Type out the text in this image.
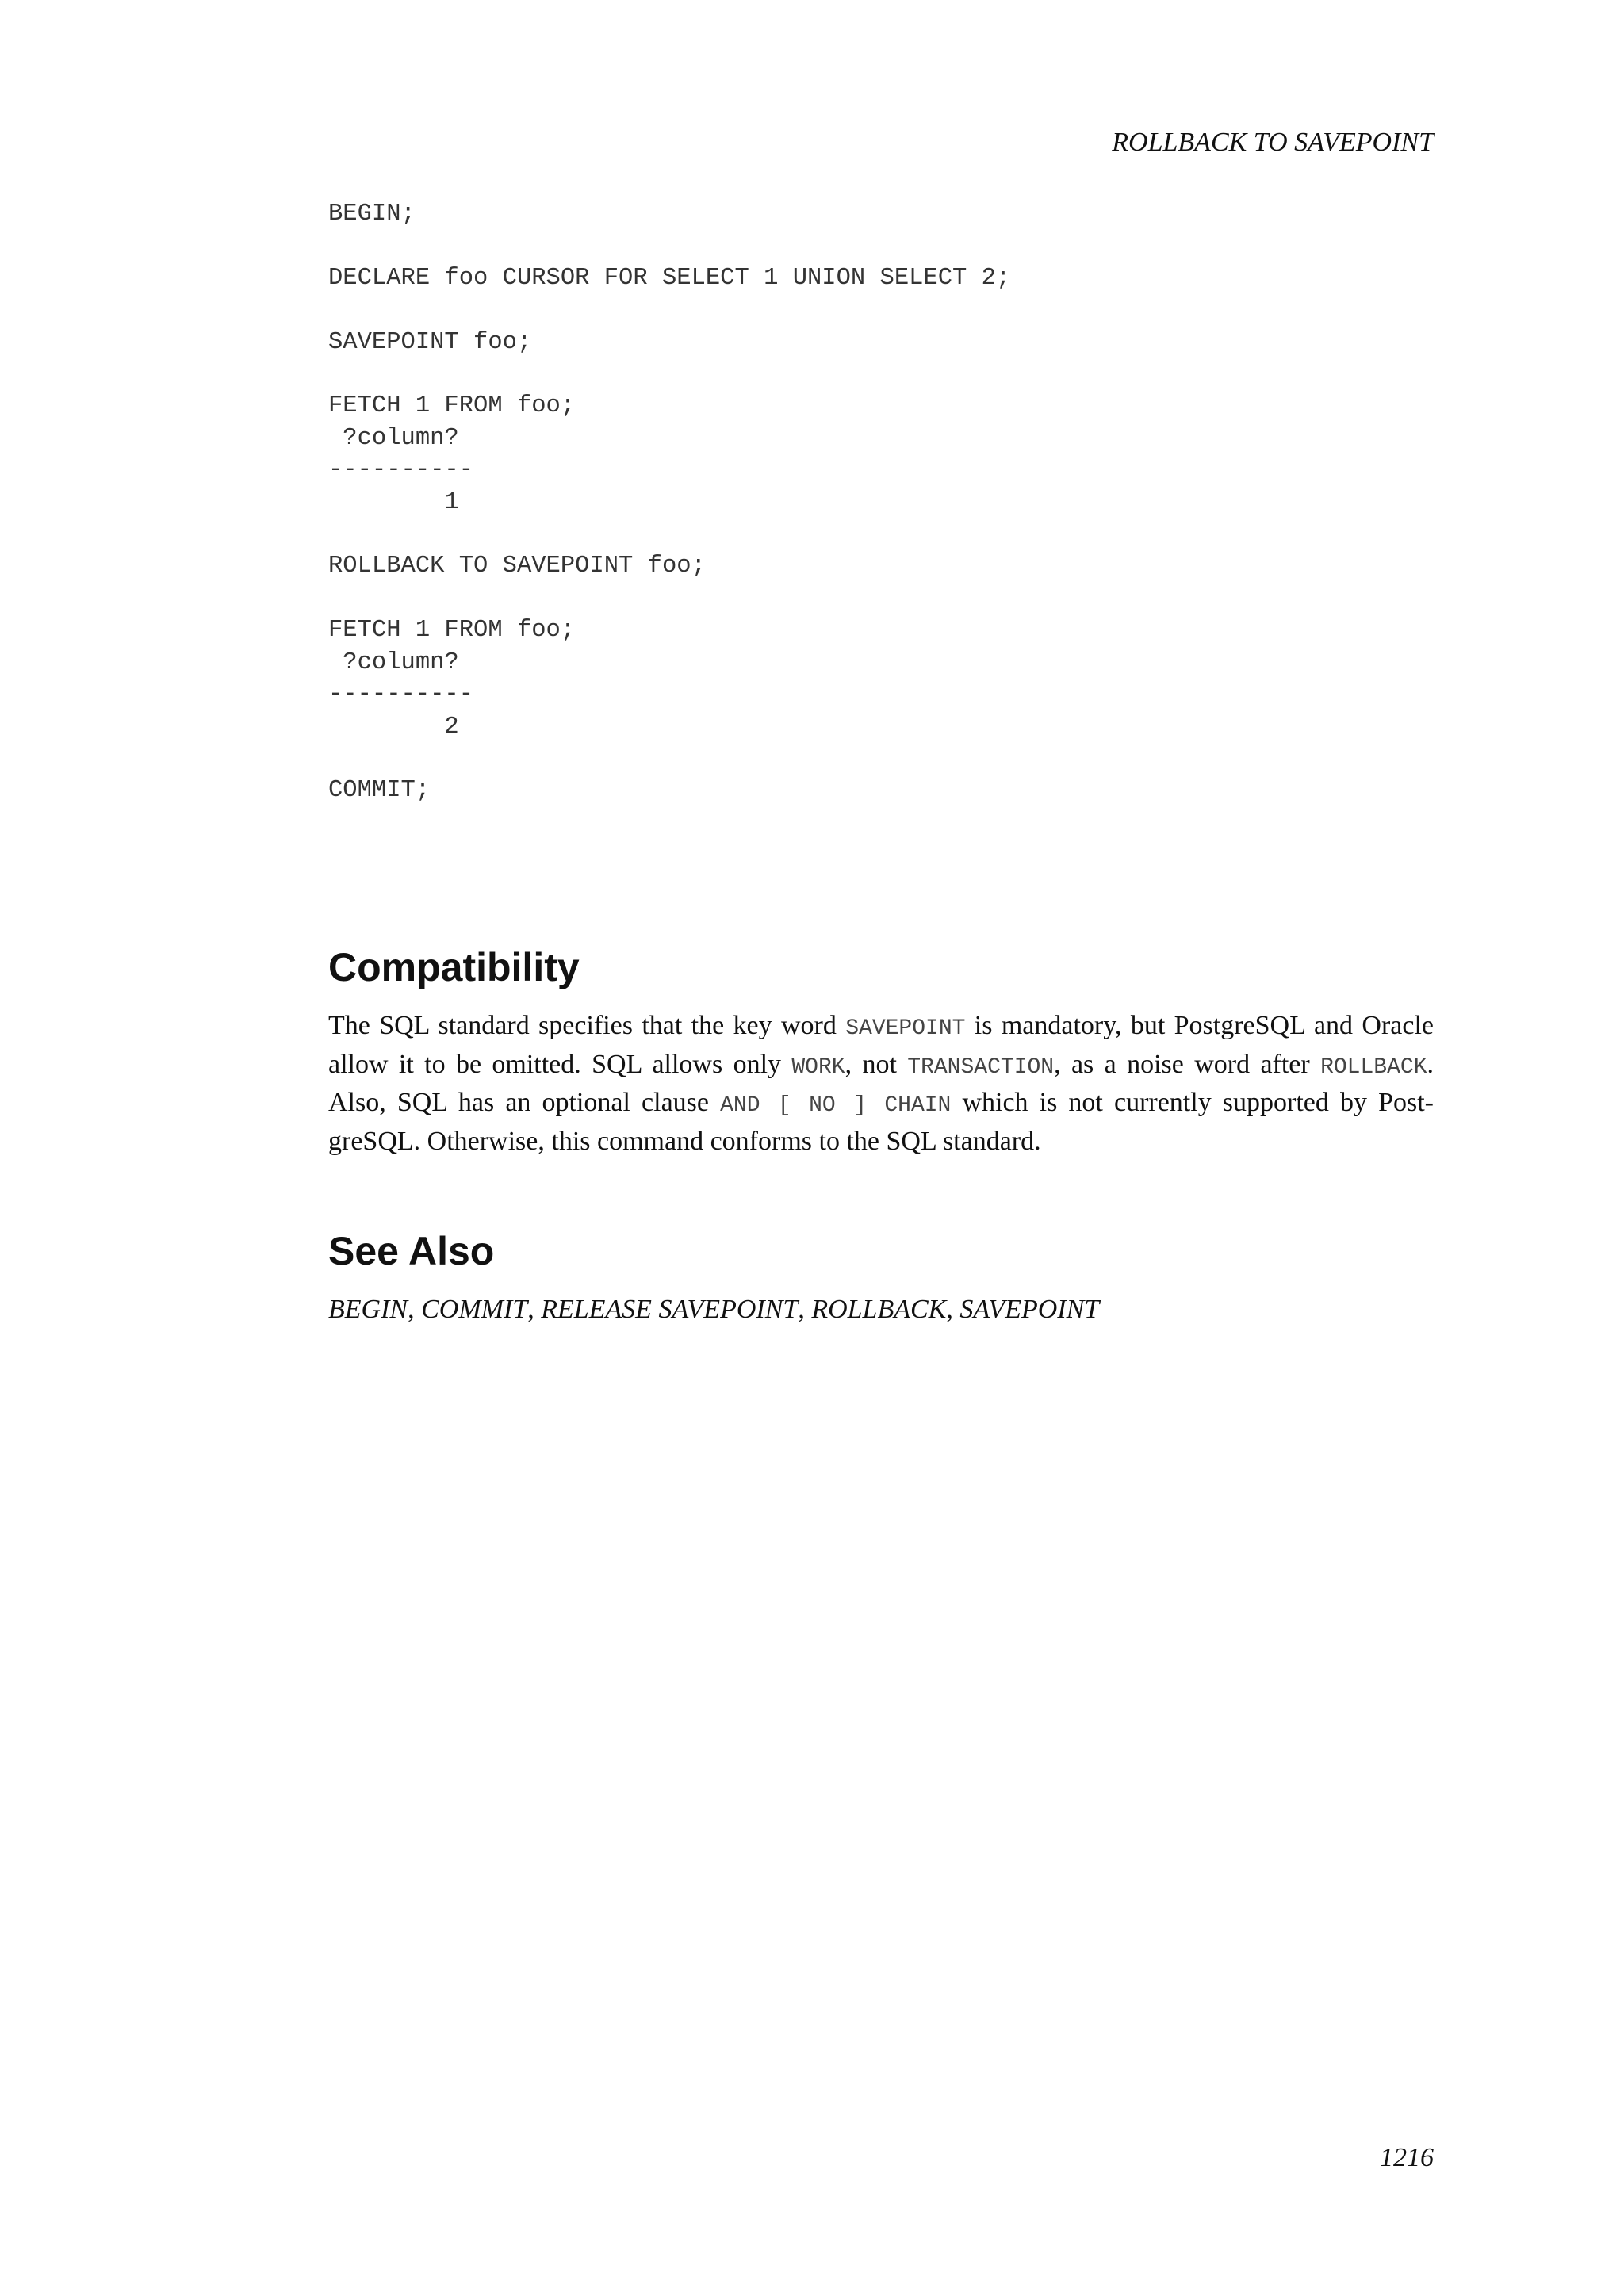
ROLLBACK TO SAVEPOINT
BEGIN;

DECLARE foo CURSOR FOR SELECT 1 UNION SELECT 2;

SAVEPOINT foo;

FETCH 1 FROM foo;
?column?
----------
1

ROLLBACK TO SAVEPOINT foo;

FETCH 1 FROM foo;
?column?
----------
2

COMMIT;
Compatibility
The SQL standard specifies that the key word SAVEPOINT is mandatory, but PostgreSQL and Oracle
allow it to be omitted. SQL allows only WORK, not TRANSACTION, as a noise word after ROLLBACK.
Also, SQL has an optional clause AND [ NO ] CHAIN which is not currently supported by Post-
greSQL. Otherwise, this command conforms to the SQL standard.
See Also

BEGIN, COMMIT, RELEASE SAVEPOINT, ROLLBACK, SAVEPOINT

1216
